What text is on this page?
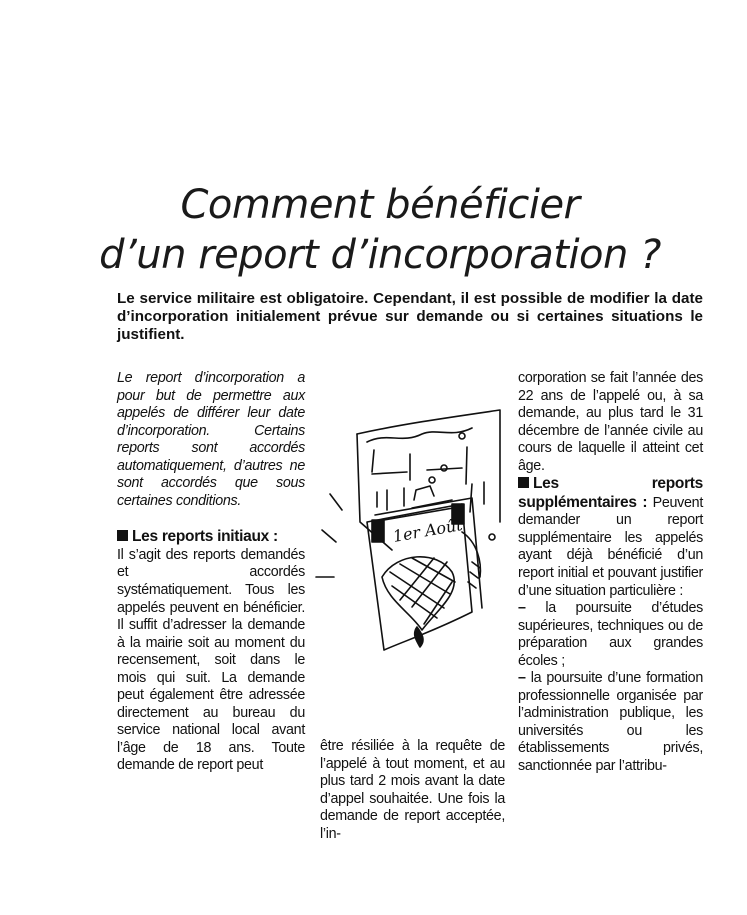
Comment bénéficier
d’un report d’incorporation ?

Le service militaire est obligatoire. Cependant, il est possible de modifier la date d’incorporation initialement prévue sur demande ou si certaines situations le justifient.

Le report d’incorporation a pour but de permettre aux appelés de différer leur date d’incorporation. Certains reports sont accordés automatiquement, d’autres ne sont accordés que sous certaines conditions.

Les reports initiaux :
Il s’agit des reports demandés et accordés systématiquement. Tous les appelés peuvent en bénéficier. Il suffit d’adresser la demande à la mairie soit au moment du recensement, soit dans le mois qui suit. La demande peut également être adressée directement au bureau du service national local avant l’âge de 18 ans. Toute demande de report peut

1er Août

être résiliée à la requête de l’appelé à tout moment, et au plus tard 2 mois avant la date d’appel souhaitée. Une fois la demande de report acceptée, l’in-

corporation se fait l’année des 22 ans de l’appelé ou, à sa demande, au plus tard le 31 décembre de l’année civile au cours de laquelle il atteint cet âge.

Les reports supplémentaires : Peuvent demander un report supplémentaire les appelés ayant déjà bénéficié d’un report initial et pouvant justifier d’une situation particulière :

– la poursuite d’études supérieures, techniques ou de préparation aux grandes écoles ;

– la poursuite d’une formation professionnelle organisée par l’administration publique, les universités ou les établissements privés, sanctionnée par l’attribu-
